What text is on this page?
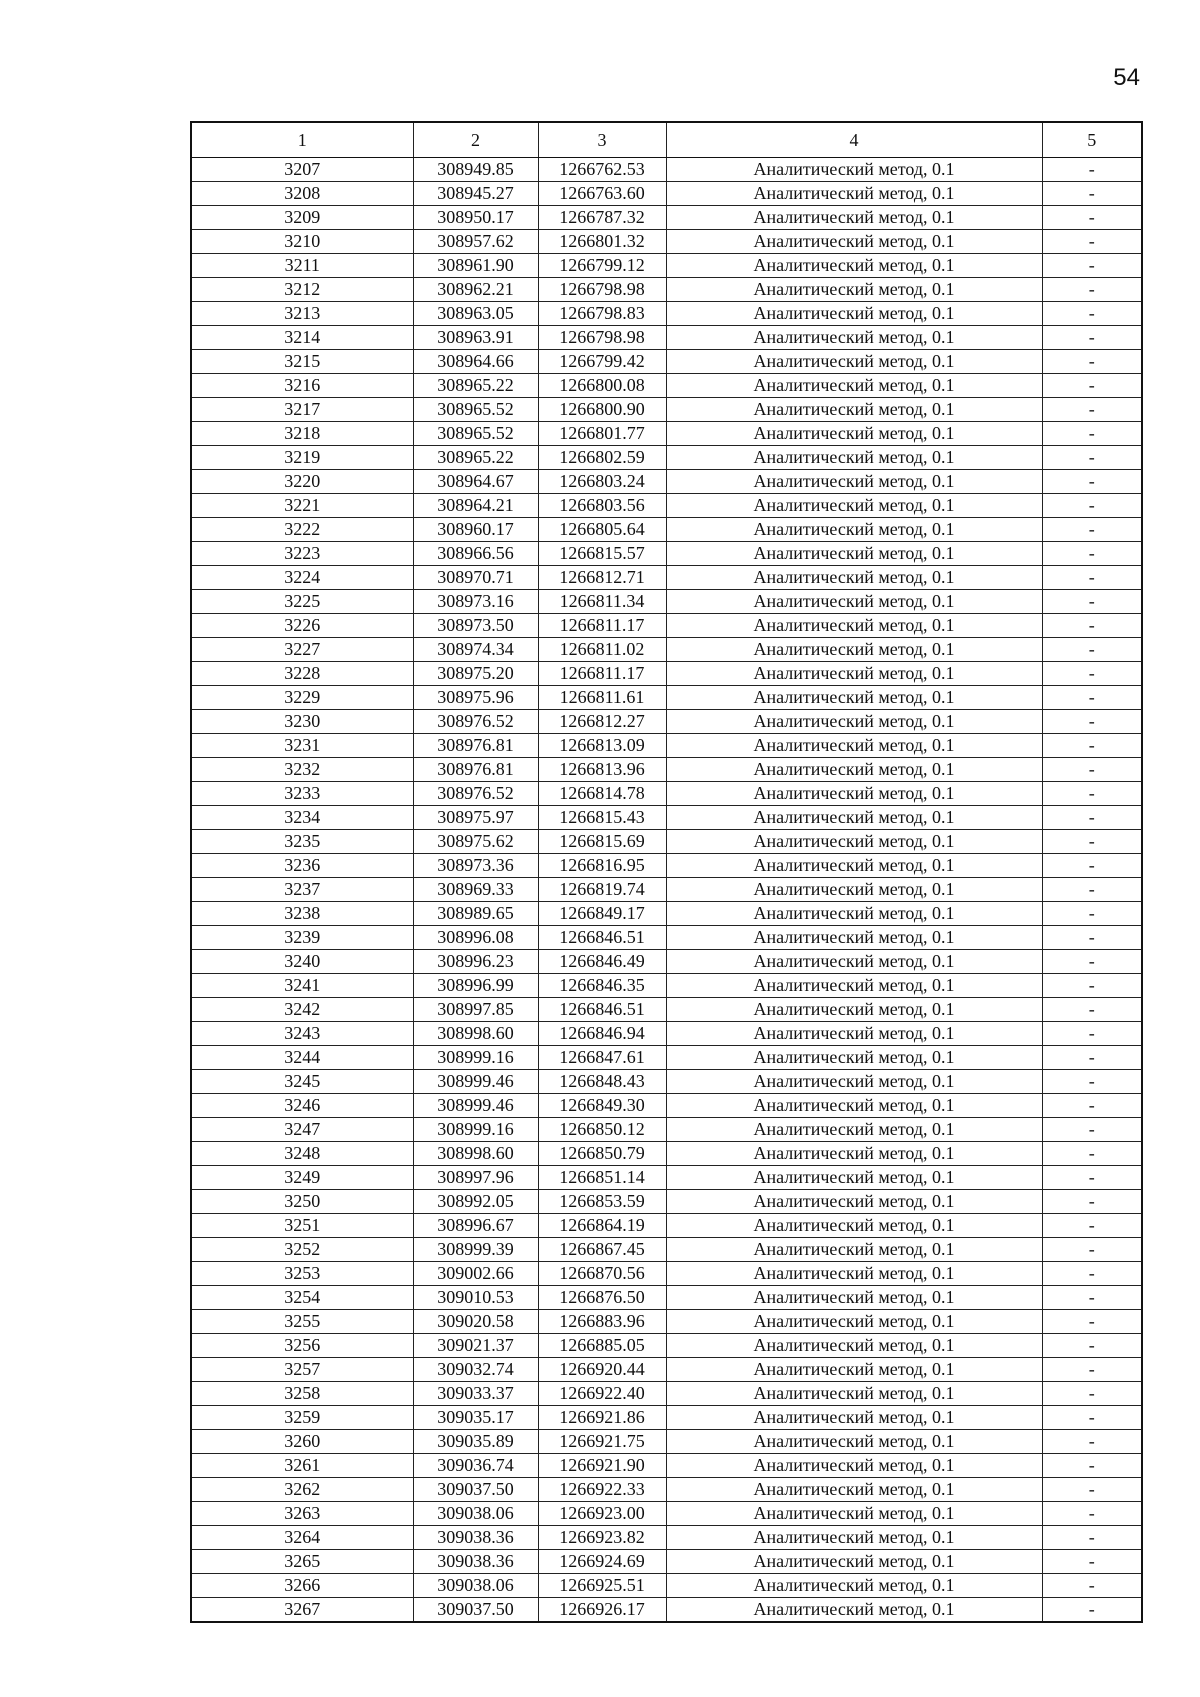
54
1	2	3	4	5
3207	308949.85	1266762.53	Аналитический метод, 0.1	-
3208	308945.27	1266763.60	Аналитический метод, 0.1	-
3209	308950.17	1266787.32	Аналитический метод, 0.1	-
3210	308957.62	1266801.32	Аналитический метод, 0.1	-
3211	308961.90	1266799.12	Аналитический метод, 0.1	-
3212	308962.21	1266798.98	Аналитический метод, 0.1	-
3213	308963.05	1266798.83	Аналитический метод, 0.1	-
3214	308963.91	1266798.98	Аналитический метод, 0.1	-
3215	308964.66	1266799.42	Аналитический метод, 0.1	-
3216	308965.22	1266800.08	Аналитический метод, 0.1	-
3217	308965.52	1266800.90	Аналитический метод, 0.1	-
3218	308965.52	1266801.77	Аналитический метод, 0.1	-
3219	308965.22	1266802.59	Аналитический метод, 0.1	-
3220	308964.67	1266803.24	Аналитический метод, 0.1	-
3221	308964.21	1266803.56	Аналитический метод, 0.1	-
3222	308960.17	1266805.64	Аналитический метод, 0.1	-
3223	308966.56	1266815.57	Аналитический метод, 0.1	-
3224	308970.71	1266812.71	Аналитический метод, 0.1	-
3225	308973.16	1266811.34	Аналитический метод, 0.1	-
3226	308973.50	1266811.17	Аналитический метод, 0.1	-
3227	308974.34	1266811.02	Аналитический метод, 0.1	-
3228	308975.20	1266811.17	Аналитический метод, 0.1	-
3229	308975.96	1266811.61	Аналитический метод, 0.1	-
3230	308976.52	1266812.27	Аналитический метод, 0.1	-
3231	308976.81	1266813.09	Аналитический метод, 0.1	-
3232	308976.81	1266813.96	Аналитический метод, 0.1	-
3233	308976.52	1266814.78	Аналитический метод, 0.1	-
3234	308975.97	1266815.43	Аналитический метод, 0.1	-
3235	308975.62	1266815.69	Аналитический метод, 0.1	-
3236	308973.36	1266816.95	Аналитический метод, 0.1	-
3237	308969.33	1266819.74	Аналитический метод, 0.1	-
3238	308989.65	1266849.17	Аналитический метод, 0.1	-
3239	308996.08	1266846.51	Аналитический метод, 0.1	-
3240	308996.23	1266846.49	Аналитический метод, 0.1	-
3241	308996.99	1266846.35	Аналитический метод, 0.1	-
3242	308997.85	1266846.51	Аналитический метод, 0.1	-
3243	308998.60	1266846.94	Аналитический метод, 0.1	-
3244	308999.16	1266847.61	Аналитический метод, 0.1	-
3245	308999.46	1266848.43	Аналитический метод, 0.1	-
3246	308999.46	1266849.30	Аналитический метод, 0.1	-
3247	308999.16	1266850.12	Аналитический метод, 0.1	-
3248	308998.60	1266850.79	Аналитический метод, 0.1	-
3249	308997.96	1266851.14	Аналитический метод, 0.1	-
3250	308992.05	1266853.59	Аналитический метод, 0.1	-
3251	308996.67	1266864.19	Аналитический метод, 0.1	-
3252	308999.39	1266867.45	Аналитический метод, 0.1	-
3253	309002.66	1266870.56	Аналитический метод, 0.1	-
3254	309010.53	1266876.50	Аналитический метод, 0.1	-
3255	309020.58	1266883.96	Аналитический метод, 0.1	-
3256	309021.37	1266885.05	Аналитический метод, 0.1	-
3257	309032.74	1266920.44	Аналитический метод, 0.1	-
3258	309033.37	1266922.40	Аналитический метод, 0.1	-
3259	309035.17	1266921.86	Аналитический метод, 0.1	-
3260	309035.89	1266921.75	Аналитический метод, 0.1	-
3261	309036.74	1266921.90	Аналитический метод, 0.1	-
3262	309037.50	1266922.33	Аналитический метод, 0.1	-
3263	309038.06	1266923.00	Аналитический метод, 0.1	-
3264	309038.36	1266923.82	Аналитический метод, 0.1	-
3265	309038.36	1266924.69	Аналитический метод, 0.1	-
3266	309038.06	1266925.51	Аналитический метод, 0.1	-
3267	309037.50	1266926.17	Аналитический метод, 0.1	-
